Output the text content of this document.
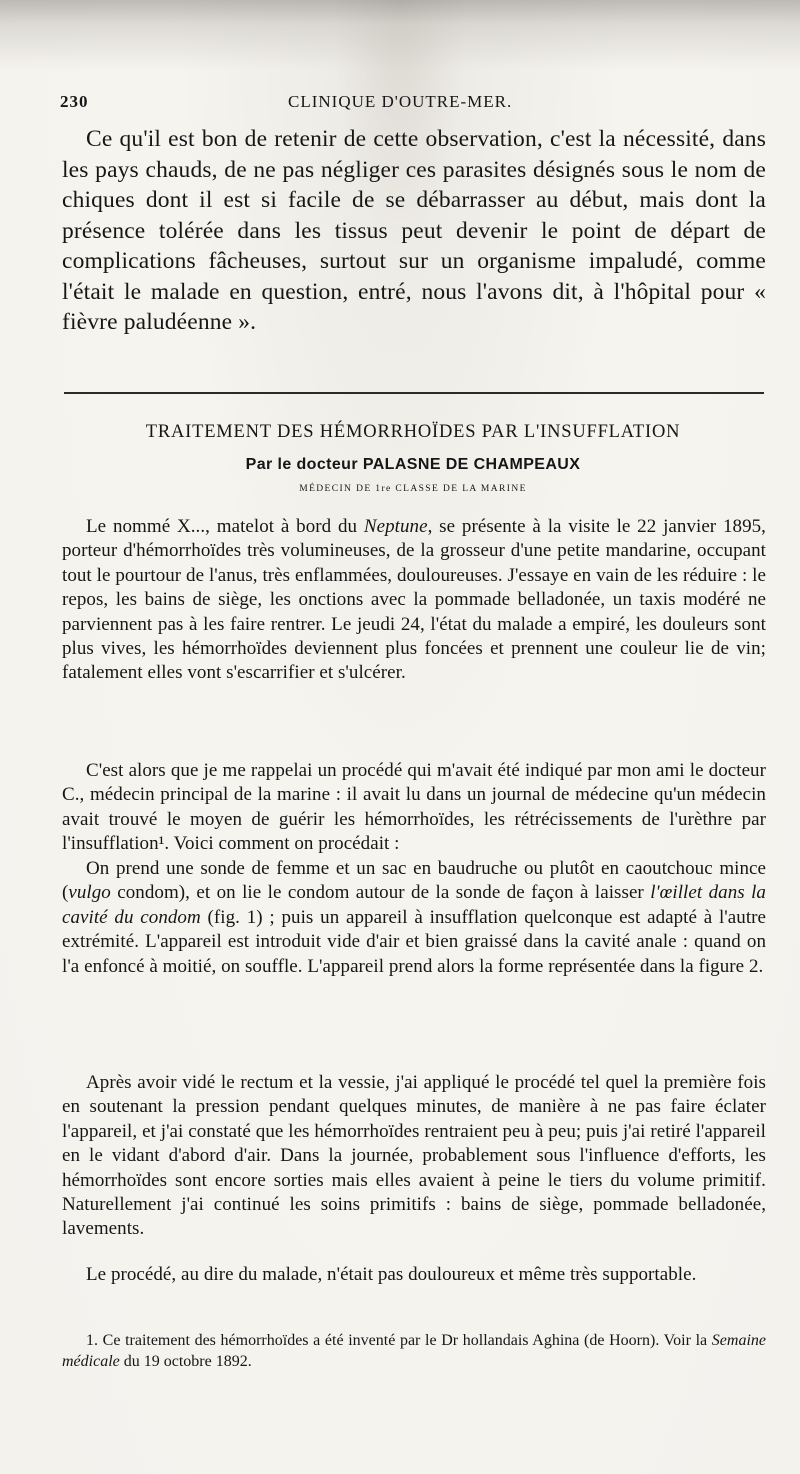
230	CLINIQUE D'OUTRE-MER.

Ce qu'il est bon de retenir de cette observation, c'est la nécessité, dans les pays chauds, de ne pas négliger ces parasites désignés sous le nom de chiques dont il est si facile de se débarrasser au début, mais dont la présence tolérée dans les tissus peut devenir le point de départ de complications fâcheuses, surtout sur un organisme impaludé, comme l'était le malade en question, entré, nous l'avons dit, à l'hôpital pour « fièvre paludéenne ».

TRAITEMENT DES HÉMORRHOÏDES PAR L'INSUFFLATION
Par le docteur PALASNE DE CHAMPEAUX
MÉDECIN DE 1re CLASSE DE LA MARINE

Le nommé X..., matelot à bord du Neptune, se présente à la visite le 22 janvier 1895, porteur d'hémorrhoïdes très volumineuses, de la grosseur d'une petite mandarine, occupant tout le pourtour de l'anus, très enflammées, douloureuses. J'essaye en vain de les réduire : le repos, les bains de siège, les onctions avec la pommade belladonée, un taxis modéré ne parviennent pas à les faire rentrer. Le jeudi 24, l'état du malade a empiré, les douleurs sont plus vives, les hémorrhoïdes deviennent plus foncées et prennent une couleur lie de vin; fatalement elles vont s'escarrifier et s'ulcérer.

C'est alors que je me rappelai un procédé qui m'avait été indiqué par mon ami le docteur C., médecin principal de la marine : il avait lu dans un journal de médecine qu'un médecin avait trouvé le moyen de guérir les hémorrhoïdes, les rétrécissements de l'urèthre par l'insufflation¹. Voici comment on procédait :

On prend une sonde de femme et un sac en baudruche ou plutôt en caoutchouc mince (vulgo condom), et on lie le condom autour de la sonde de façon à laisser l'œillet dans la cavité du condom (fig. 1) ; puis un appareil à insufflation quelconque est adapté à l'autre extrémité. L'appareil est introduit vide d'air et bien graissé dans la cavité anale : quand on l'a enfoncé à moitié, on souffle. L'appareil prend alors la forme représentée dans la figure 2.

Après avoir vidé le rectum et la vessie, j'ai appliqué le procédé tel quel la première fois en soutenant la pression pendant quelques minutes, de manière à ne pas faire éclater l'appareil, et j'ai constaté que les hémorrhoïdes rentraient peu à peu; puis j'ai retiré l'appareil en le vidant d'abord d'air. Dans la journée, probablement sous l'influence d'efforts, les hémorrhoïdes sont encore sorties mais elles avaient à peine le tiers du volume primitif. Naturellement j'ai continué les soins primitifs : bains de siège, pommade belladonée, lavements.

Le procédé, au dire du malade, n'était pas douloureux et même très supportable.

1. Ce traitement des hémorrhoïdes a été inventé par le Dr hollandais Aghina (de Hoorn). Voir la Semaine médicale du 19 octobre 1892.
